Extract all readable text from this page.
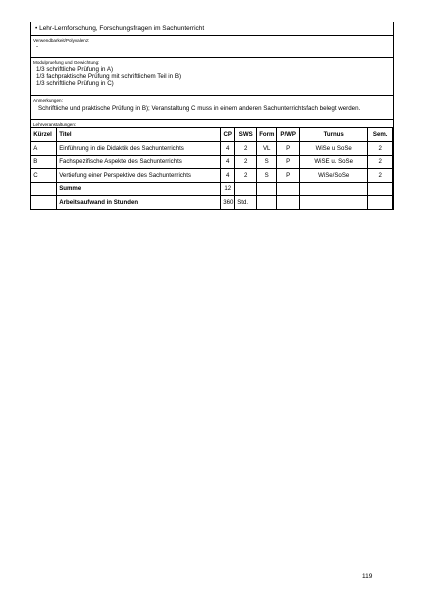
• Lehr-Lernforschung, Forschungsfragen im Sachunterricht
Verwendbarkeit/Polyvalenz:
-
Modulpruefung und Gewichtung:
1/3 schriftliche Prüfung in A)
1/3 fachpraktische Prüfung mit schriftlichem Teil in B)
1/3 schriftliche Prüfung in C)
Anmerkungen:
Schriftliche und praktische Prüfung in B); Veranstaltung C muss in einem anderen Sachunterrichtsfach belegt werden.
Lehrveranstaltungen:
Kürzel	Titel	CP	SWS	Form	P/WP	Turnus	Sem.
A	Einführung in die Didaktik des Sachunterrichts	4	2	VL	P	WiSe u SoSe	2
B	Fachspezifische Aspekte des Sachunterrichts	4	2	S	P	WiSE u. SoSe	2
C	Vertiefung einer Perspektive des Sachunterrichts	4	2	S	P	WiSe/SoSe	2
	Summe	12					
	Arbeitsaufwand in Stunden	360	Std.				
119
